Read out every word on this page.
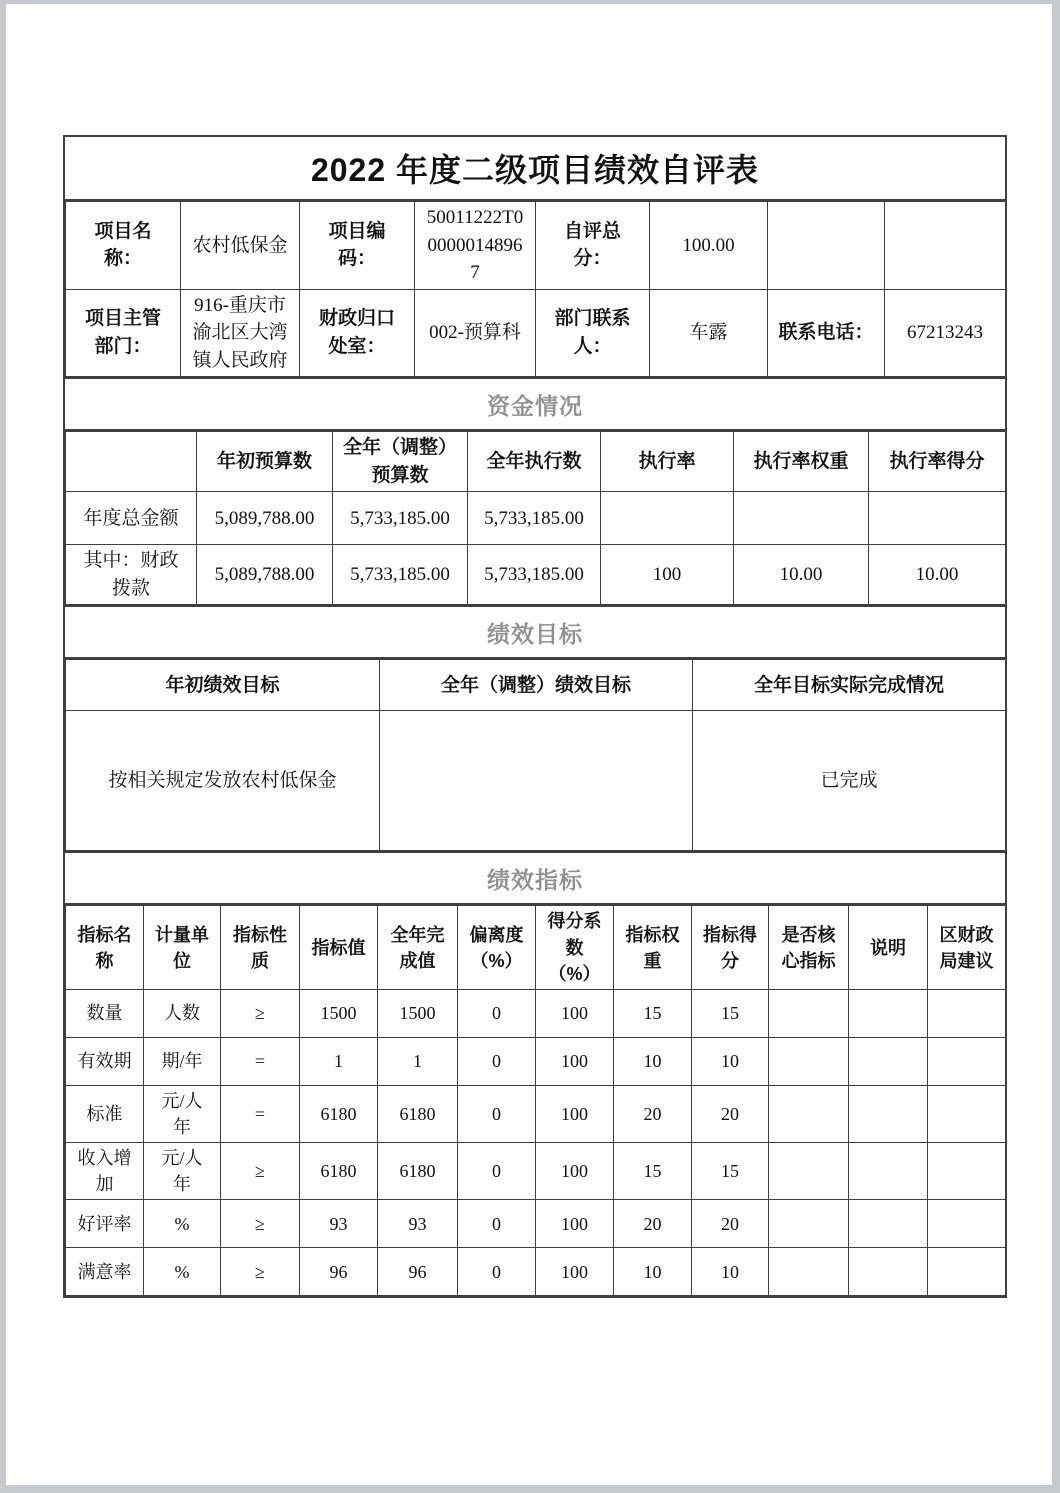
2022 年度二级项目绩效自评表
项目名称：	农村低保金	项目编码：	50011222T000000148967	自评总分：	100.00		
项目主管部门：	916-重庆市渝北区大湾镇人民政府	财政归口处室：	002-预算科	部门联系人：	车露	联系电话：	67213243
资金情况
	年初预算数	全年（调整）预算数	全年执行数	执行率	执行率权重	执行率得分
年度总金额	5,089,788.00	5,733,185.00	5,733,185.00			
其中：财政拨款	5,089,788.00	5,733,185.00	5,733,185.00	100	10.00	10.00
绩效目标
年初绩效目标	全年（调整）绩效目标	全年目标实际完成情况
按相关规定发放农村低保金		已完成
绩效指标
指标名称	计量单位	指标性质	指标值	全年完成值	偏离度（%）	得分系数（%）	指标权重	指标得分	是否核心指标	说明	区财政局建议
数量	人数	≥	1500	1500	0	100	15	15			
有效期	期/年	=	1	1	0	100	10	10			
标准	元/人年	=	6180	6180	0	100	20	20			
收入增加	元/人年	≥	6180	6180	0	100	15	15			
好评率	%	≥	93	93	0	100	20	20			
满意率	%	≥	96	96	0	100	10	10			
